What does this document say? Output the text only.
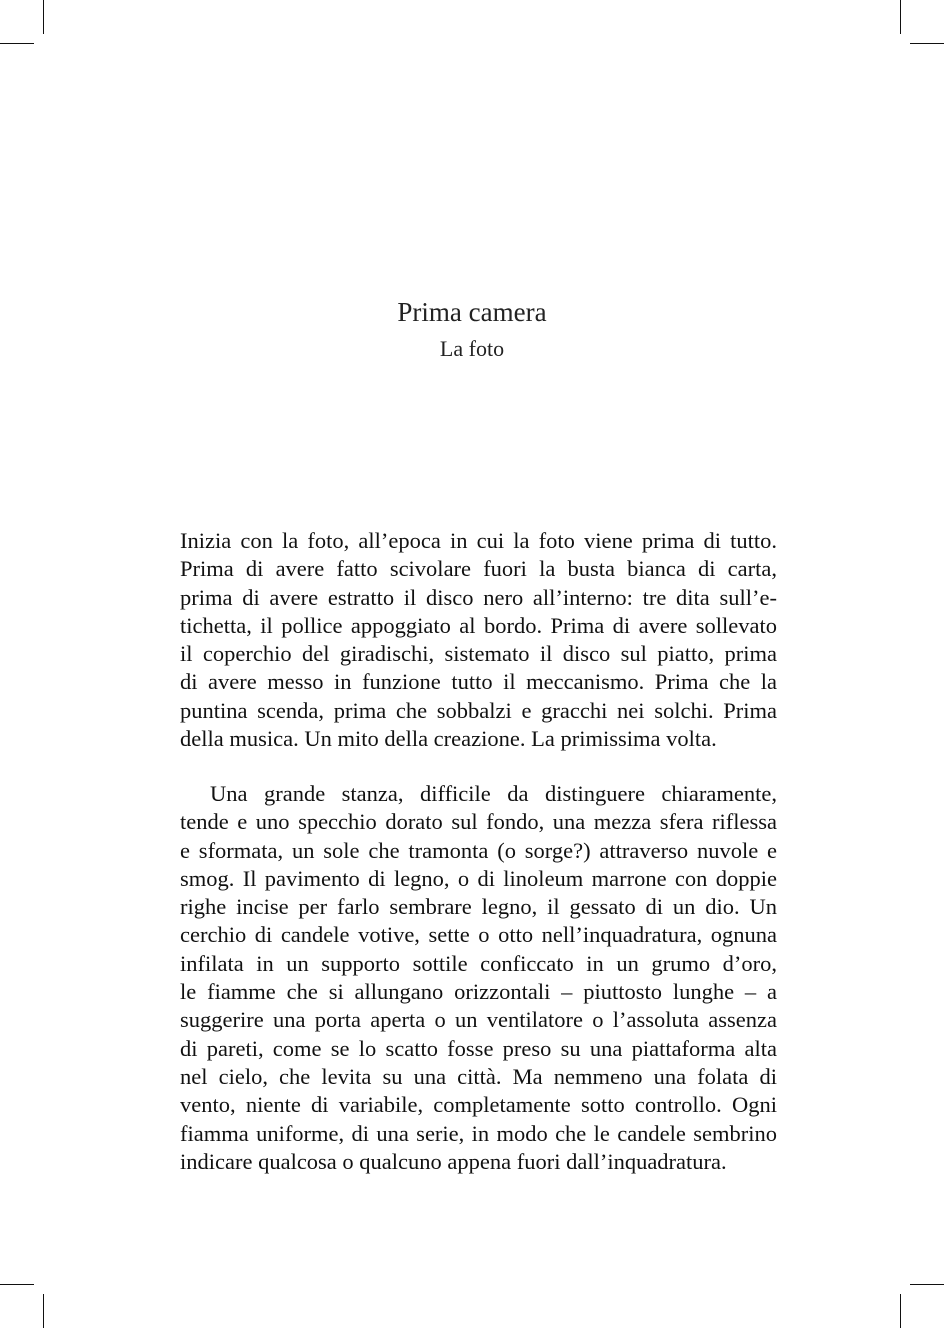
Prima camera
La foto
Inizia con la foto, all’epoca in cui la foto viene prima di tutto.
Prima di avere fatto scivolare fuori la busta bianca di carta,
prima di avere estratto il disco nero all’interno: tre dita sull’e-
tichetta, il pollice appoggiato al bordo. Prima di avere sollevato
il coperchio del giradischi, sistemato il disco sul piatto, prima
di avere messo in funzione tutto il meccanismo. Prima che la
puntina scenda, prima che sobbalzi e gracchi nei solchi. Prima
della musica. Un mito della creazione. La primissima volta.
Una grande stanza, difficile da distinguere chiaramente,
tende e uno specchio dorato sul fondo, una mezza sfera riflessa
e sformata, un sole che tramonta (o sorge?) attraverso nuvole e
smog. Il pavimento di legno, o di linoleum marrone con doppie
righe incise per farlo sembrare legno, il gessato di un dio. Un
cerchio di candele votive, sette o otto nell’inquadratura, ognuna
infilata in un supporto sottile conficcato in un grumo d’oro,
le fiamme che si allungano orizzontali – piuttosto lunghe – a
suggerire una porta aperta o un ventilatore o l’assoluta assenza
di pareti, come se lo scatto fosse preso su una piattaforma alta
nel cielo, che levita su una città. Ma nemmeno una folata di
vento, niente di variabile, completamente sotto controllo. Ogni
fiamma uniforme, di una serie, in modo che le candele sembrino
indicare qualcosa o qualcuno appena fuori dall’inquadratura.
